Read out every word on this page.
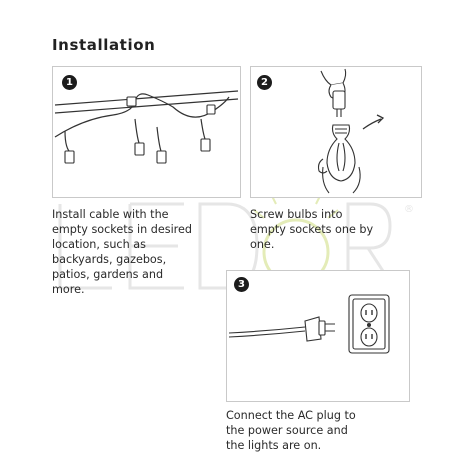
Installation
®
1	2
3
Install cable with the
empty sockets in desired
location, such as
backyards, gazebos,
patios, gardens and
more.
Screw bulbs into
empty sockets one by
one.
Connect the AC plug to
the power source and
the lights are on.
